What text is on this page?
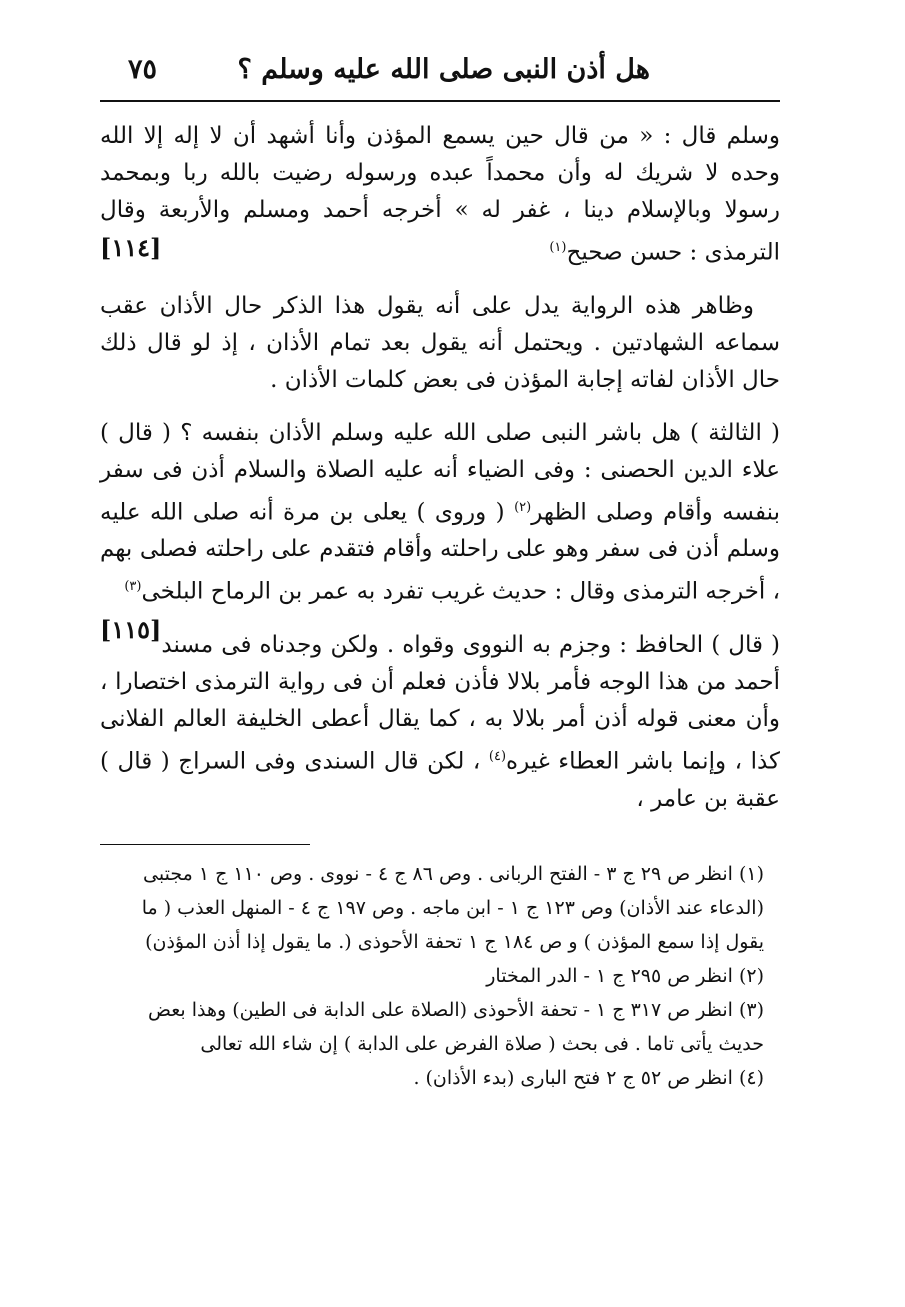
هل أذن النبى صلى الله عليه وسلم ؟
٧٥

وسلم قال : « من قال حين يسمع المؤذن وأنا أشهد أن لا إله إلا الله وحده لا شريك له وأن محمداً عبده ورسوله رضيت بالله ربا وبمحمد رسولا وبالإسلام دينا ، غفر له » أخرجه أحمد ومسلم والأربعة وقال الترمذى : حسن صحيح$^{(١)}$
[١١٤]

وظاهر هذه الرواية يدل على أنه يقول هذا الذكر حال الأذان عقب سماعه الشهادتين . ويحتمل أنه يقول بعد تمام الأذان ، إذ لو قال ذلك حال الأذان لفاته إجابة المؤذن فى بعض كلمات الأذان .

( الثالثة ) هل باشر النبى صلى الله عليه وسلم الأذان بنفسه ؟ ( قال ) علاء الدين الحصنى : وفى الضياء أنه عليه الصلاة والسلام أذن فى سفر بنفسه وأقام وصلى الظهر$^{(٢)}$ ( وروى ) يعلى بن مرة أنه صلى الله عليه وسلم أذن فى سفر وهو على راحلته وأقام فتقدم على راحلته فصلى بهم ، أخرجه الترمذى وقال : حديث غريب تفرد به عمر بن الرماح البلخى$^{(٣)}$
[١١٥]

( قال ) الحافظ : وجزم به النووى وقواه . ولكن وجدناه فى مسند أحمد من هذا الوجه فأمر بلالا فأذن فعلم أن فى رواية الترمذى اختصارا ، وأن معنى قوله أذن أمر بلالا به ، كما يقال أعطى الخليفة العالم الفلانى كذا ، وإنما باشر العطاء غيره$^{(٤)}$ ، لكن قال السندى وفى السراج ( قال ) عقبة بن عامر ،

(١) انظر ص ٢٩ ج ٣ - الفتح الربانى . وص ٨٦ ج ٤ - نووى . وص ١١٠ ج ١ مجتبى (الدعاء عند الأذان) وص ١٢٣ ج ١ - ابن ماجه . وص ١٩٧ ج ٤ - المنهل العذب ( ما يقول إذا سمع المؤذن ) و ص ١٨٤ ج ١ تحفة الأحوذى (. ما يقول إذا أذن المؤذن)

(٢) انظر ص ٢٩٥ ج ١ - الدر المختار

(٣) انظر ص ٣١٧ ج ١ - تحفة الأحوذى (الصلاة على الدابة فى الطين) وهذا بعض حديث يأتى تاما . فى بحث ( صلاة الفرض على الدابة ) إن شاء الله تعالى

(٤) انظر ص ٥٢ ج ٢ فتح البارى (بدء الأذان) .
